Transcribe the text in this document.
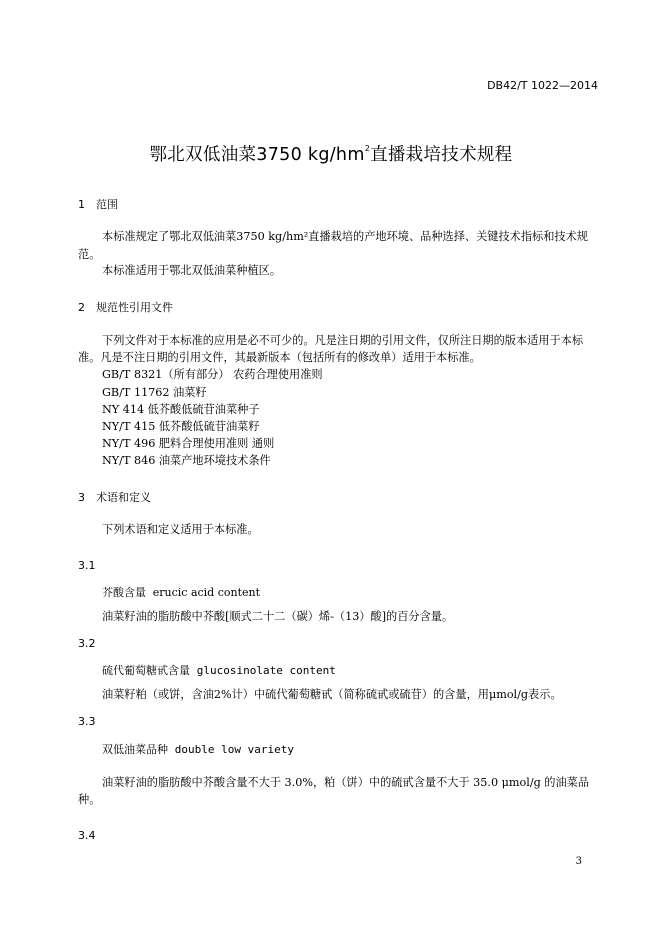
DB42/T 1022—2014
鄂北双低油菜3750 $kg/hm^2$直播栽培技术规程
1 范围
本标准规定了鄂北双低油菜3750 kg/hm²直播栽培的产地环境、品种选择、关键技术指标和技术规
范。
本标准适用于鄂北双低油菜种植区。
2 规范性引用文件
下列文件对于本标准的应用是必不可少的。凡是注日期的引用文件，仅所注日期的版本适用于本标
准。凡是不注日期的引用文件，其最新版本（包括所有的修改单）适用于本标准。
GB/T 8321（所有部分） 农药合理使用准则
GB/T 11762 油菜籽
NY 414 低芥酸低硫苷油菜种子
NY/T 415 低芥酸低硫苷油菜籽
NY/T 496 肥料合理使用准则 通则
NY/T 846 油菜产地环境技术条件
3 术语和定义
下列术语和定义适用于本标准。
3.1
芥酸含量 erucic acid content
油菜籽油的脂肪酸中芥酸[顺式二十二（碳）烯-（13）酸]的百分含量。
3.2
硫代葡萄糖甙含量 glucosinolate content
油菜籽粕（或饼，含油2%计）中硫代葡萄糖甙（简称硫甙或硫苷）的含量，用μmol/g表示。
3.3
双低油菜品种 double low variety
油菜籽油的脂肪酸中芥酸含量不大于 3.0%，粕（饼）中的硫甙含量不大于 35.0 μmol/g 的油菜品
种。
3.4
3
